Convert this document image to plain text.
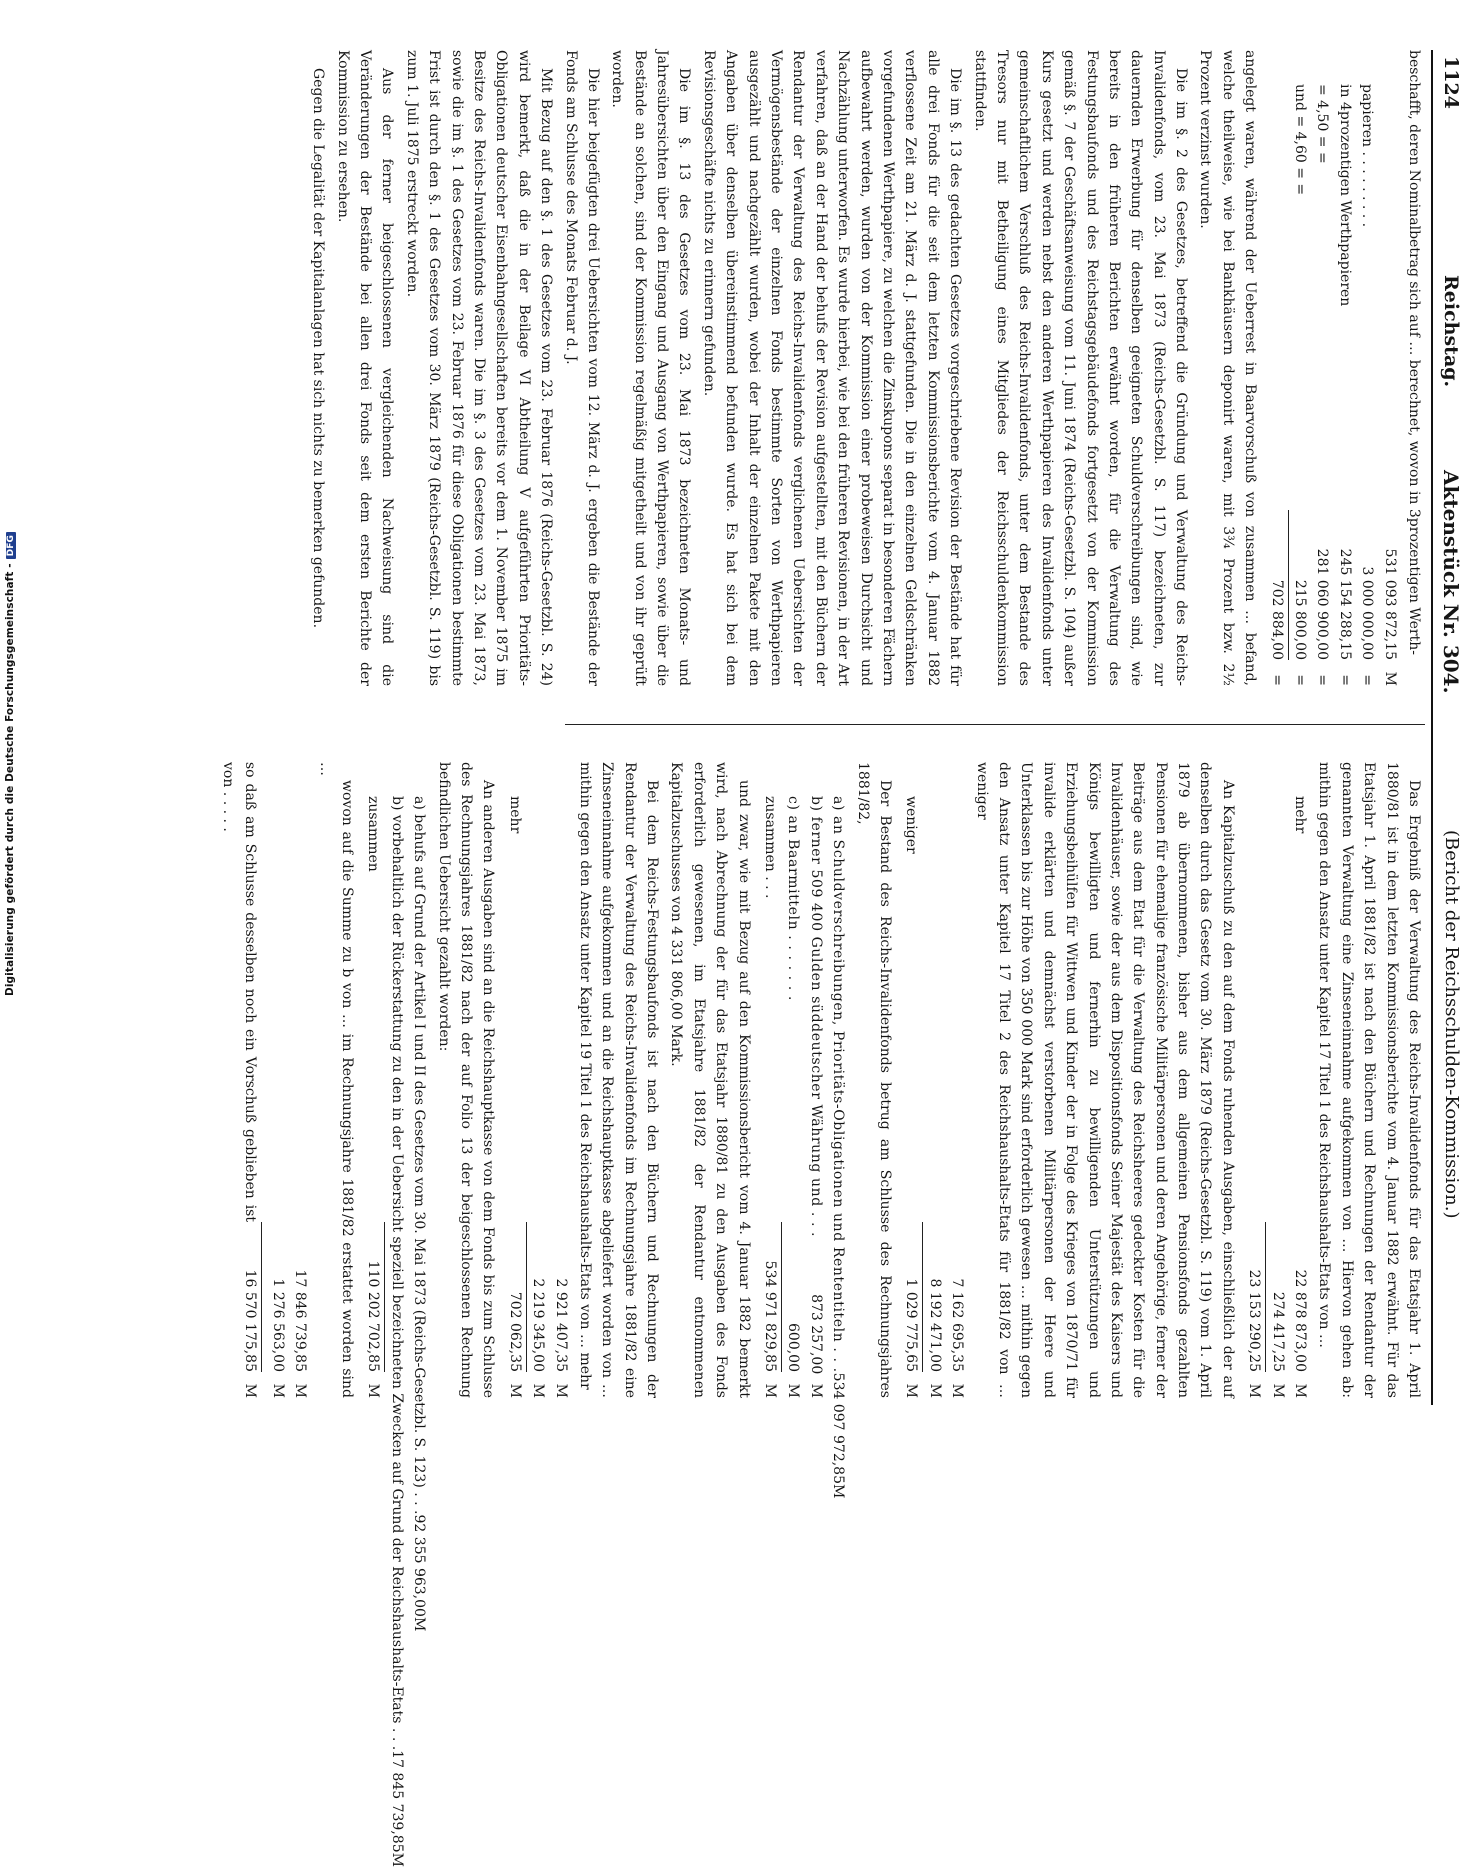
Digitalisierung gefördert durch die Deutsche Forschungsgemeinschaft -DFG
1124
Reichstag.
Aktenstück Nr. 304.
(Bericht der Reichsschulden-Kommission.)

beschafft, deren Nominalbetrag sich auf … berechnet, wovon in 3prozentigen Werth-

531 093 872,15
M
papieren . . . . . . . . .
3 000 000,00
=
in 4prozentigen Werthpapieren
245 154 288,15
=
= 4,50 = =
281 060 900,00
=
und = 4,60 = =
215 800,00
=
702 884,00
=

angelegt waren, während der Ueberrest in Baarvorschuß von zusammen … befand, welche theilweise, wie bei Bankhäusern deponirt waren, mit 3¾ Prozent bzw. 2½ Prozent verzinst wurden.

Die im §. 2 des Gesetzes, betreffend die Gründung und Verwaltung des Reichs-Invalidenfonds, vom 23. Mai 1873 (Reichs-Gesetzbl. S. 117) bezeichneten, zur dauernden Erwerbung für denselben geeigneten Schuldverschreibungen sind, wie bereits in den früheren Berichten erwähnt worden, für die Verwaltung des Festungsbaufonds und des Reichstagsgebäudefonds fortgesetzt von der Kommission gemäß §. 7 der Geschäftsanweisung vom 11. Juni 1874 (Reichs-Gesetzbl. S. 104) außer Kurs gesetzt und werden nebst den anderen Werthpapieren des Invalidenfonds unter gemeinschaftlichem Verschluß des Reichs-Invalidenfonds, unter dem Bestande des Tresors nur mit Betheiligung eines Mitgliedes der Reichsschuldenkommission stattfinden.

Die im §. 13 des gedachten Gesetzes vorgeschriebene Revision der Bestände hat für alle drei Fonds für die seit dem letzten Kommissionsberichte vom 4. Januar 1882 verflossene Zeit am 21. März d. J. stattgefunden. Die in den einzelnen Geldschränken vorgefundenen Werthpapiere, zu welchen die Zinskupons separat in besonderen Fächern aufbewahrt werden, wurden von der Kommission einer probeweisen Durchsicht und Nachzählung unterworfen. Es wurde hierbei, wie bei den früheren Revisionen, in der Art verfahren, daß an der Hand der behufs der Revision aufgestellten, mit den Büchern der Rendantur der Verwaltung des Reichs-Invalidenfonds verglichenen Uebersichten der Vermögensbestände der einzelnen Fonds bestimmte Sorten von Werthpapieren ausgezählt und nachgezählt wurden, wobei der Inhalt der einzelnen Pakete mit den Angaben über denselben übereinstimmend befunden wurde. Es hat sich bei dem Revisionsgeschäfte nichts zu erinnern gefunden.

Die im §. 13 des Gesetzes vom 23. Mai 1873 bezeichneten Monats- und Jahresübersichten über den Eingang und Ausgang von Werthpapieren, sowie über die Bestände an solchen, sind der Kommission regelmäßig mitgetheilt und von ihr geprüft worden.

Die hier beigefügten drei Uebersichten vom 12. März d. J. ergeben die Bestände der Fonds am Schlusse des Monats Februar d. J.

Mit Bezug auf den §. 1 des Gesetzes vom 23. Februar 1876 (Reichs-Gesetzbl. S. 24) wird bemerkt, daß die in der Beilage VI Abtheilung V aufgeführten Prioritäts-Obligationen deutscher Eisenbahngesellschaften bereits vor dem 1. November 1875 im Besitze des Reichs-Invalidenfonds waren. Die im §. 3 des Gesetzes vom 23. Mai 1873, sowie die im §. 1 des Gesetzes vom 23. Februar 1876 für diese Obligationen bestimmte Frist ist durch den §. 1 des Gesetzes vom 30. März 1879 (Reichs-Gesetzbl. S. 119) bis zum 1. Juli 1875 erstreckt worden.

Aus der ferner beigeschlossenen vergleichenden Nachweisung sind die Veränderungen der Bestände bei allen drei Fonds seit dem ersten Berichte der Kommission zu ersehen.

Gegen die Legalität der Kapitalanlagen hat sich nichts zu bemerken gefunden.

Das Ergebniß der Verwaltung des Reichs-Invalidenfonds für das Etatsjahr 1. April 1880/81 ist in dem letzten Kommissionsberichte vom 4. Januar 1882 erwähnt. Für das Etatsjahr 1. April 1881/82 ist nach den Büchern und Rechnungen der Rendantur der genannten Verwaltung eine Zinseneinnahme aufgekommen von … Hiervon gehen ab: mithin gegen den Ansatz unter Kapitel 17 Titel 1 des Reichshaushalts-Etats von …

mehr
22 878 873,00
M
274 417,25
M
23 153 290,25
M

An Kapitalzuschuß zu den auf dem Fonds ruhenden Ausgaben, einschließlich der auf denselben durch das Gesetz vom 30. März 1879 (Reichs-Gesetzbl. S. 119) vom 1. April 1879 ab übernommenen, bisher aus dem allgemeinen Pensionsfonds gezahlten Pensionen für ehemalige französische Militärpersonen und deren Angehörige, ferner der Beiträge aus dem Etat für die Verwaltung des Reichsheeres gedeckter Kosten für die Invalidenhäuser, sowie der aus dem Dispositionsfonds Seiner Majestät des Kaisers und Königs bewilligten und fernerhin zu bewilligenden Unterstützungen und Erziehungsbeihülfen für Wittwen und Kinder der in Folge des Krieges von 1870/71 für invalide erklärten und demnächst verstorbenen Militärpersonen der Heere und Unterklassen bis zur Höhe von 350 000 Mark sind erforderlich gewesen … mithin gegen den Ansatz unter Kapitel 17 Titel 2 des Reichshaushalts-Etats für 1881/82 von … weniger

7 162 695,35
M
8 192 471,00
M
weniger
1 029 775,65
M

Der Bestand des Reichs-Invalidenfonds betrug am Schlusse des Rechnungsjahres 1881/82,

a) an Schuldverschreibungen, Prioritäts-Obligationen und Rententiteln . . .
534 097 972,85
M
b) ferner 509 400 Gulden süddeutscher Währung und . . .
873 257,00
M
c) an Baarmitteln . . . . . . .
600,00
M
zusammen . . .
534 971 829,85
M

und zwar, wie mit Bezug auf den Kommissionsbericht vom 4. Januar 1882 bemerkt wird, nach Abrechnung der für das Etatsjahr 1880/81 zu den Ausgaben des Fonds erforderlich gewesenen, im Etatsjahre 1881/82 der Rendantur entnommenen Kapitalzuschusses von 4 331 806,00 Mark.

Bei dem Reichs-Festungsbaufonds ist nach den Büchern und Rechnungen der Rendantur der Verwaltung des Reichs-Invalidenfonds im Rechnungsjahre 1881/82 eine Zinseneinnahme aufgekommen und an die Reichshauptkasse abgeliefert worden von … mithin gegen den Ansatz unter Kapitel 19 Titel 1 des Reichshaushalts-Etats von … mehr

2 921 407,35
M
2 219 345,00
M
mehr
702 062,35
M

An anderen Ausgaben sind an die Reichshauptkasse von dem Fonds bis zum Schlusse des Rechnungsjahres 1881/82 nach der auf Folio 13 der beigeschlossenen Rechnung befindlichen Uebersicht gezahlt worden:

a) behufs auf Grund der Artikel I und II des Gesetzes vom 30. Mai 1873 (Reichs-Gesetzbl. S. 123) . . .
92 355 963,00
M
b) vorbehaltlich der Rückerstattung zu den in der Uebersicht speziell bezeichneten Zwecken auf Grund der Reichshaushalts-Etats . . .
17 845 739,85
M
zusammen
110 202 702,85
M

wovon auf die Summe zu b von … im Rechnungsjahre 1881/82 erstattet worden sind …

17 846 739,85
M
1 276 563,00
M
so daß am Schlusse desselben noch ein Vorschuß geblieben ist von . . . . .
16 570 175,85
M
